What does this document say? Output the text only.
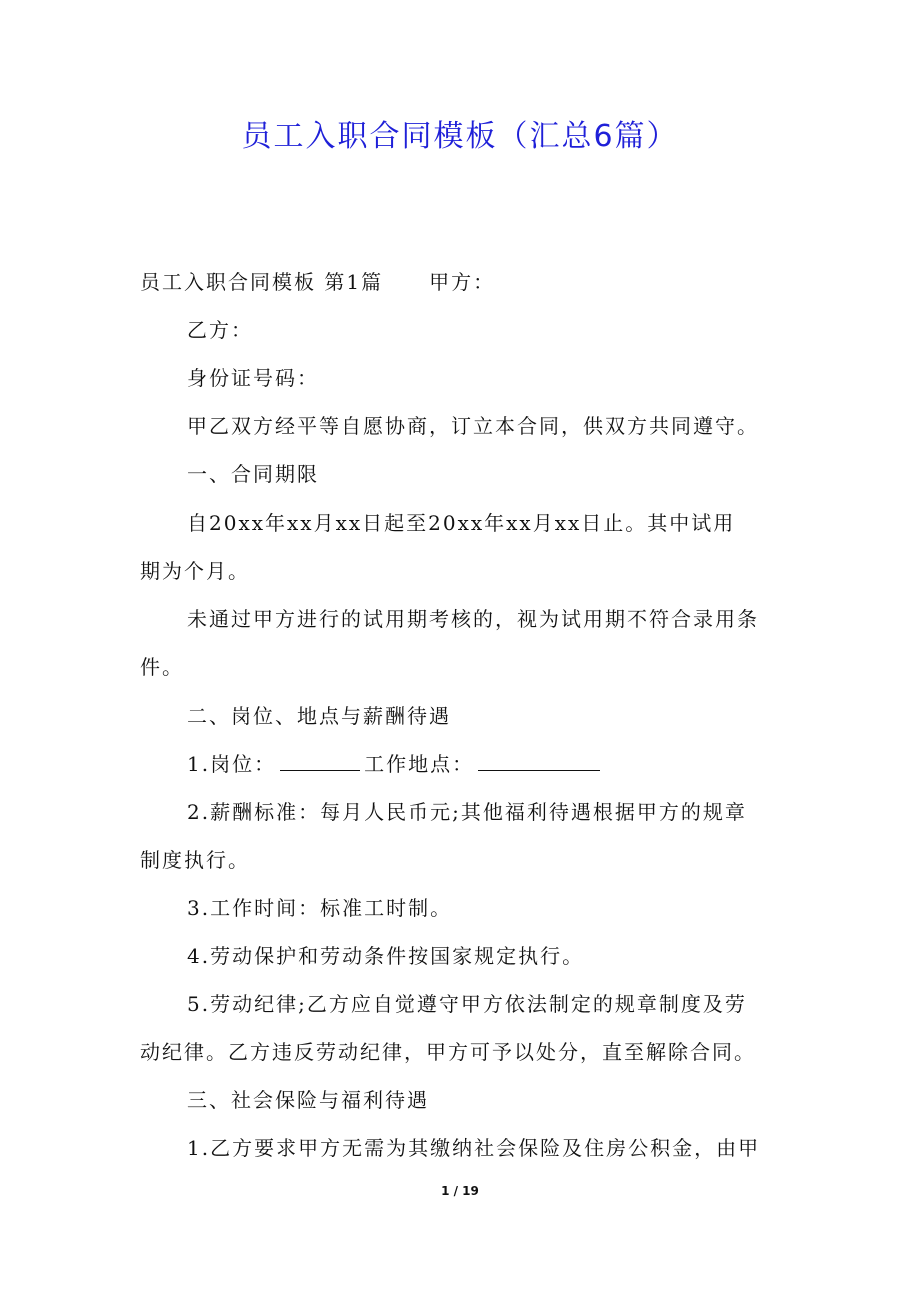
员工入职合同模板（汇总6篇）
员工入职合同模板 第1篇 甲方：
乙方：
身份证号码：
甲乙双方经平等自愿协商，订立本合同，供双方共同遵守。
一、合同期限
自20xx年xx月xx日起至20xx年xx月xx日止。其中试用
期为个月。
未通过甲方进行的试用期考核的，视为试用期不符合录用条
件。
二、岗位、地点与薪酬待遇
1.岗位：	工作地点：
2.薪酬标准：每月人民币元;其他福利待遇根据甲方的规章
制度执行。
3.工作时间：标准工时制。
4.劳动保护和劳动条件按国家规定执行。
5.劳动纪律;乙方应自觉遵守甲方依法制定的规章制度及劳
动纪律。乙方违反劳动纪律，甲方可予以处分，直至解除合同。
三、社会保险与福利待遇
1.乙方要求甲方无需为其缴纳社会保险及住房公积金，由甲
1 / 19
